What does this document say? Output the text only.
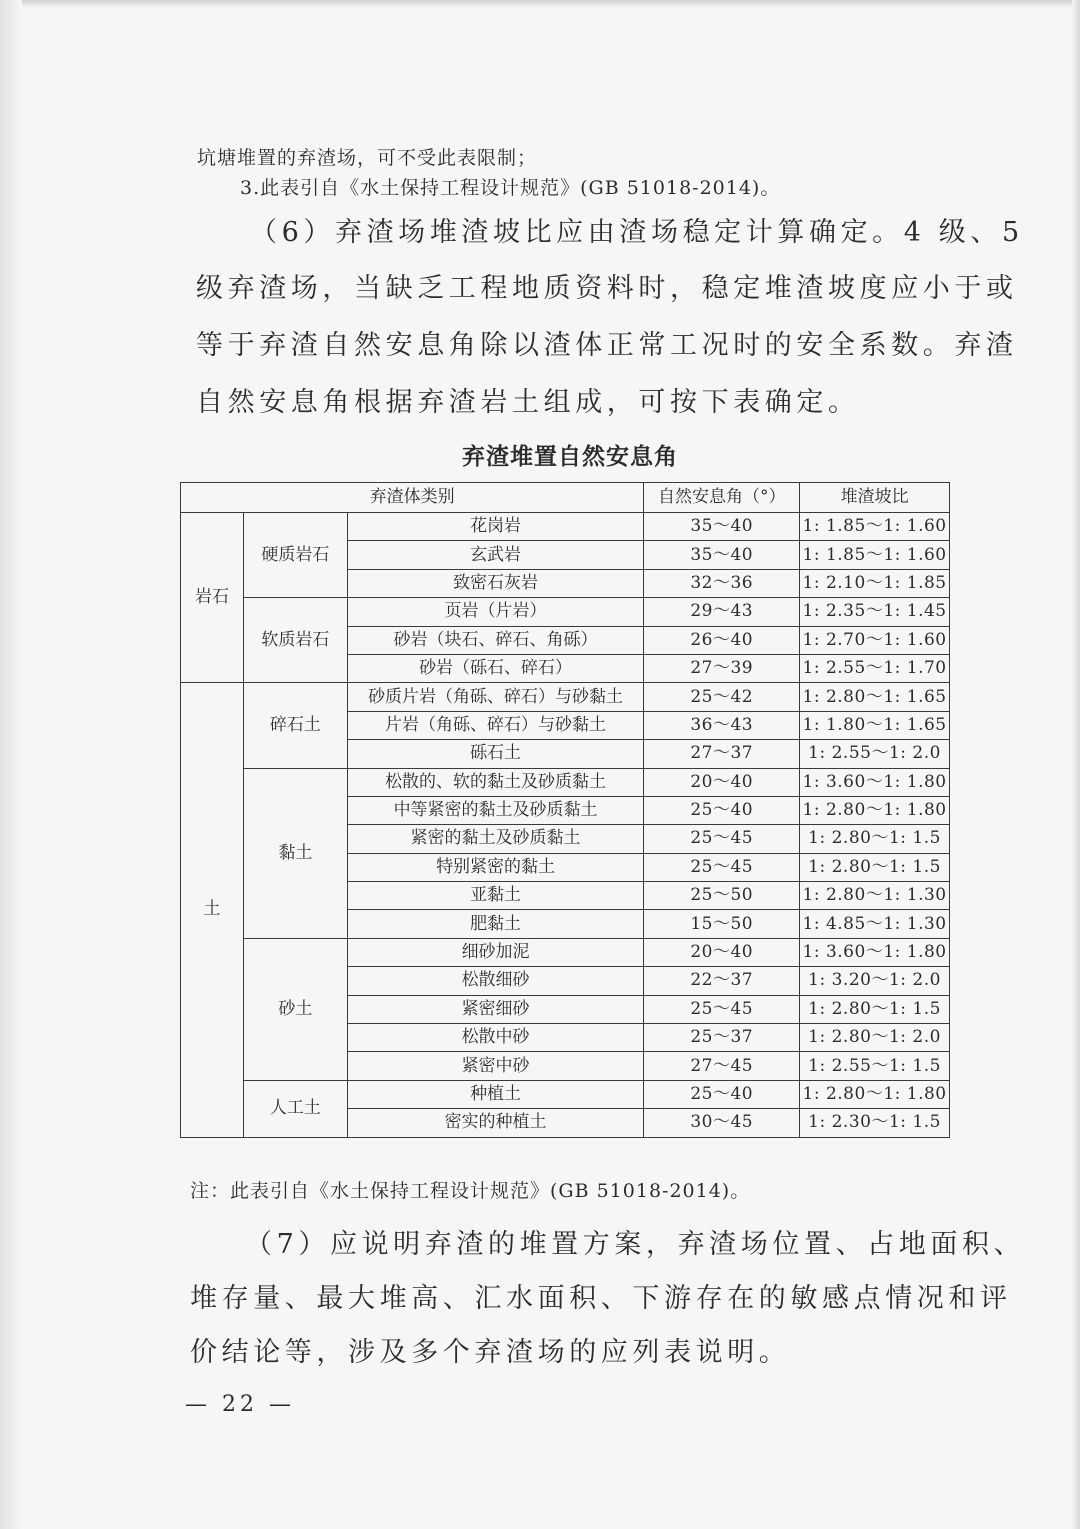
坑塘堆置的弃渣场，可不受此表限制；
3.此表引自《水土保持工程设计规范》(GB 51018-2014)。
（6）弃渣场堆渣坡比应由渣场稳定计算确定。4 级、5
级弃渣场，当缺乏工程地质资料时，稳定堆渣坡度应小于或
等于弃渣自然安息角除以渣体正常工况时的安全系数。弃渣
自然安息角根据弃渣岩土组成，可按下表确定。
弃渣堆置自然安息角
弃渣体类别			自然安息角（°）	堆渣坡比
岩石	硬质岩石	花岗岩	35～40	1: 1.85～1: 1.60
		玄武岩	35～40	1: 1.85～1: 1.60
		致密石灰岩	32～36	1: 2.10～1: 1.85
	软质岩石	页岩（片岩）	29～43	1: 2.35～1: 1.45
		砂岩（块石、碎石、角砾）	26～40	1: 2.70～1: 1.60
		砂岩（砾石、碎石）	27～39	1: 2.55～1: 1.70
土	碎石土	砂质片岩（角砾、碎石）与砂黏土	25～42	1: 2.80～1: 1.65
		片岩（角砾、碎石）与砂黏土	36～43	1: 1.80～1: 1.65
		砾石土	27～37	1: 2.55～1: 2.0
	黏土	松散的、软的黏土及砂质黏土	20～40	1: 3.60～1: 1.80
		中等紧密的黏土及砂质黏土	25～40	1: 2.80～1: 1.80
		紧密的黏土及砂质黏土	25～45	1: 2.80～1: 1.5
		特别紧密的黏土	25～45	1: 2.80～1: 1.5
		亚黏土	25～50	1: 2.80～1: 1.30
		肥黏土	15～50	1: 4.85～1: 1.30
	砂土	细砂加泥	20～40	1: 3.60～1: 1.80
		松散细砂	22～37	1: 3.20～1: 2.0
		紧密细砂	25～45	1: 2.80～1: 1.5
		松散中砂	25～37	1: 2.80～1: 2.0
		紧密中砂	27～45	1: 2.55～1: 1.5
	人工土	种植土	25～40	1: 2.80～1: 1.80
		密实的种植土	30～45	1: 2.30～1: 1.5
注：此表引自《水土保持工程设计规范》(GB 51018-2014)。
（7）应说明弃渣的堆置方案，弃渣场位置、占地面积、
堆存量、最大堆高、汇水面积、下游存在的敏感点情况和评
价结论等，涉及多个弃渣场的应列表说明。
— 22 —
